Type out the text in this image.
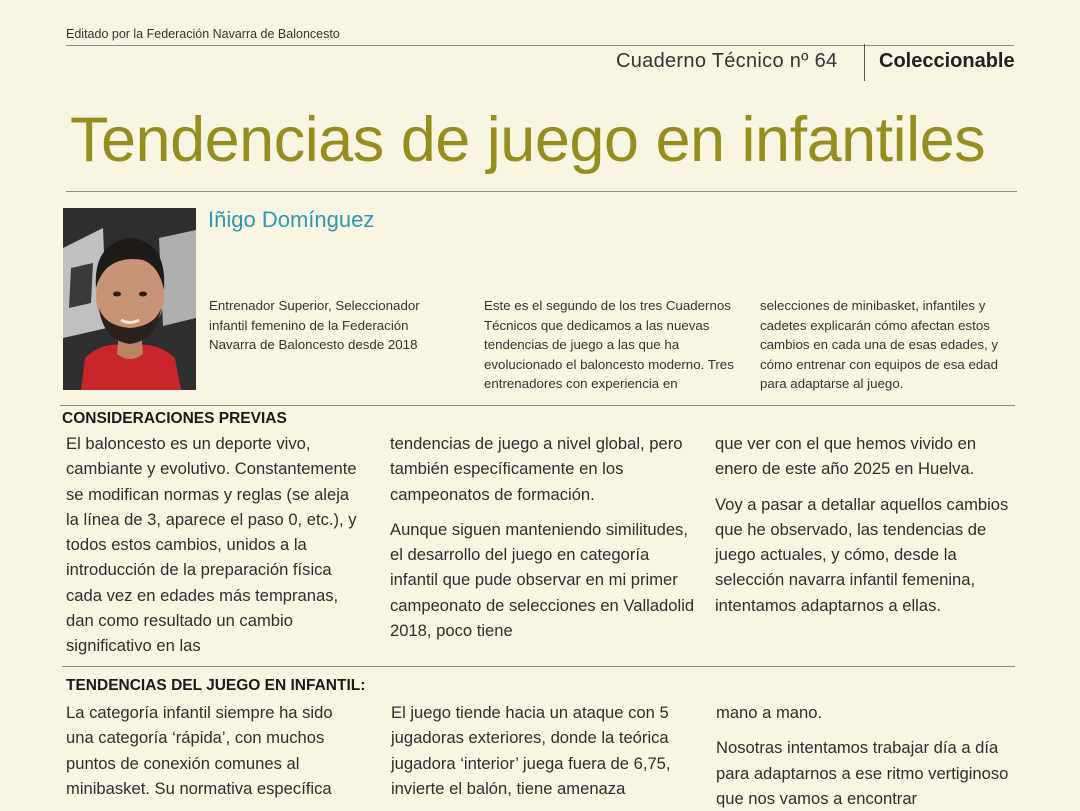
Editado por la Federación Navarra de Baloncesto
Cuaderno Técnico nº 64 Coleccionable
Tendencias de juego en infantiles
Iñigo Domínguez
Entrenador Superior, Seleccionador infantil femenino de la Federación Navarra de Baloncesto desde 2018
Este es el segundo de los tres Cuadernos Técnicos que dedicamos a las nuevas tendencias de juego a las que ha evolucionado el baloncesto moderno. Tres entrenadores con experiencia en
selecciones de minibasket, infantiles y cadetes explicarán cómo afectan estos cambios en cada una de esas edades, y cómo entrenar con equipos de esa edad para adaptarse al juego.
CONSIDERACIONES PREVIAS

El baloncesto es un deporte vivo, cambiante y evolutivo. Constantemente se modifican normas y reglas (se aleja la línea de 3, aparece el paso 0, etc.), y todos estos cambios, unidos a la introducción de la preparación física cada vez en edades más tempranas, dan como resultado un cambio significativo en las

tendencias de juego a nivel global, pero también específicamente en los campeonatos de formación.

Aunque siguen manteniendo similitudes, el desarrollo del juego en categoría infantil que pude observar en mi primer campeonato de selecciones en Valladolid 2018, poco tiene

que ver con el que hemos vivido en enero de este año 2025 en Huelva.

Voy a pasar a detallar aquellos cambios que he observado, las tendencias de juego actuales, y cómo, desde la selección navarra infantil femenina, intentamos adaptarnos a ellas.

TENDENCIAS DEL JUEGO EN INFANTIL:

La categoría infantil siempre ha sido una categoría ‘rápida’, con muchos puntos de conexión comunes al minibasket. Su normativa específica

El juego tiende hacia un ataque con 5 jugadoras exteriores, donde la teórica jugadora ‘interior’ juega fuera de 6,75, invierte el balón, tiene amenaza

mano a mano.

Nosotras intentamos trabajar día a día para adaptarnos a ese ritmo vertiginoso que nos vamos a encontrar
